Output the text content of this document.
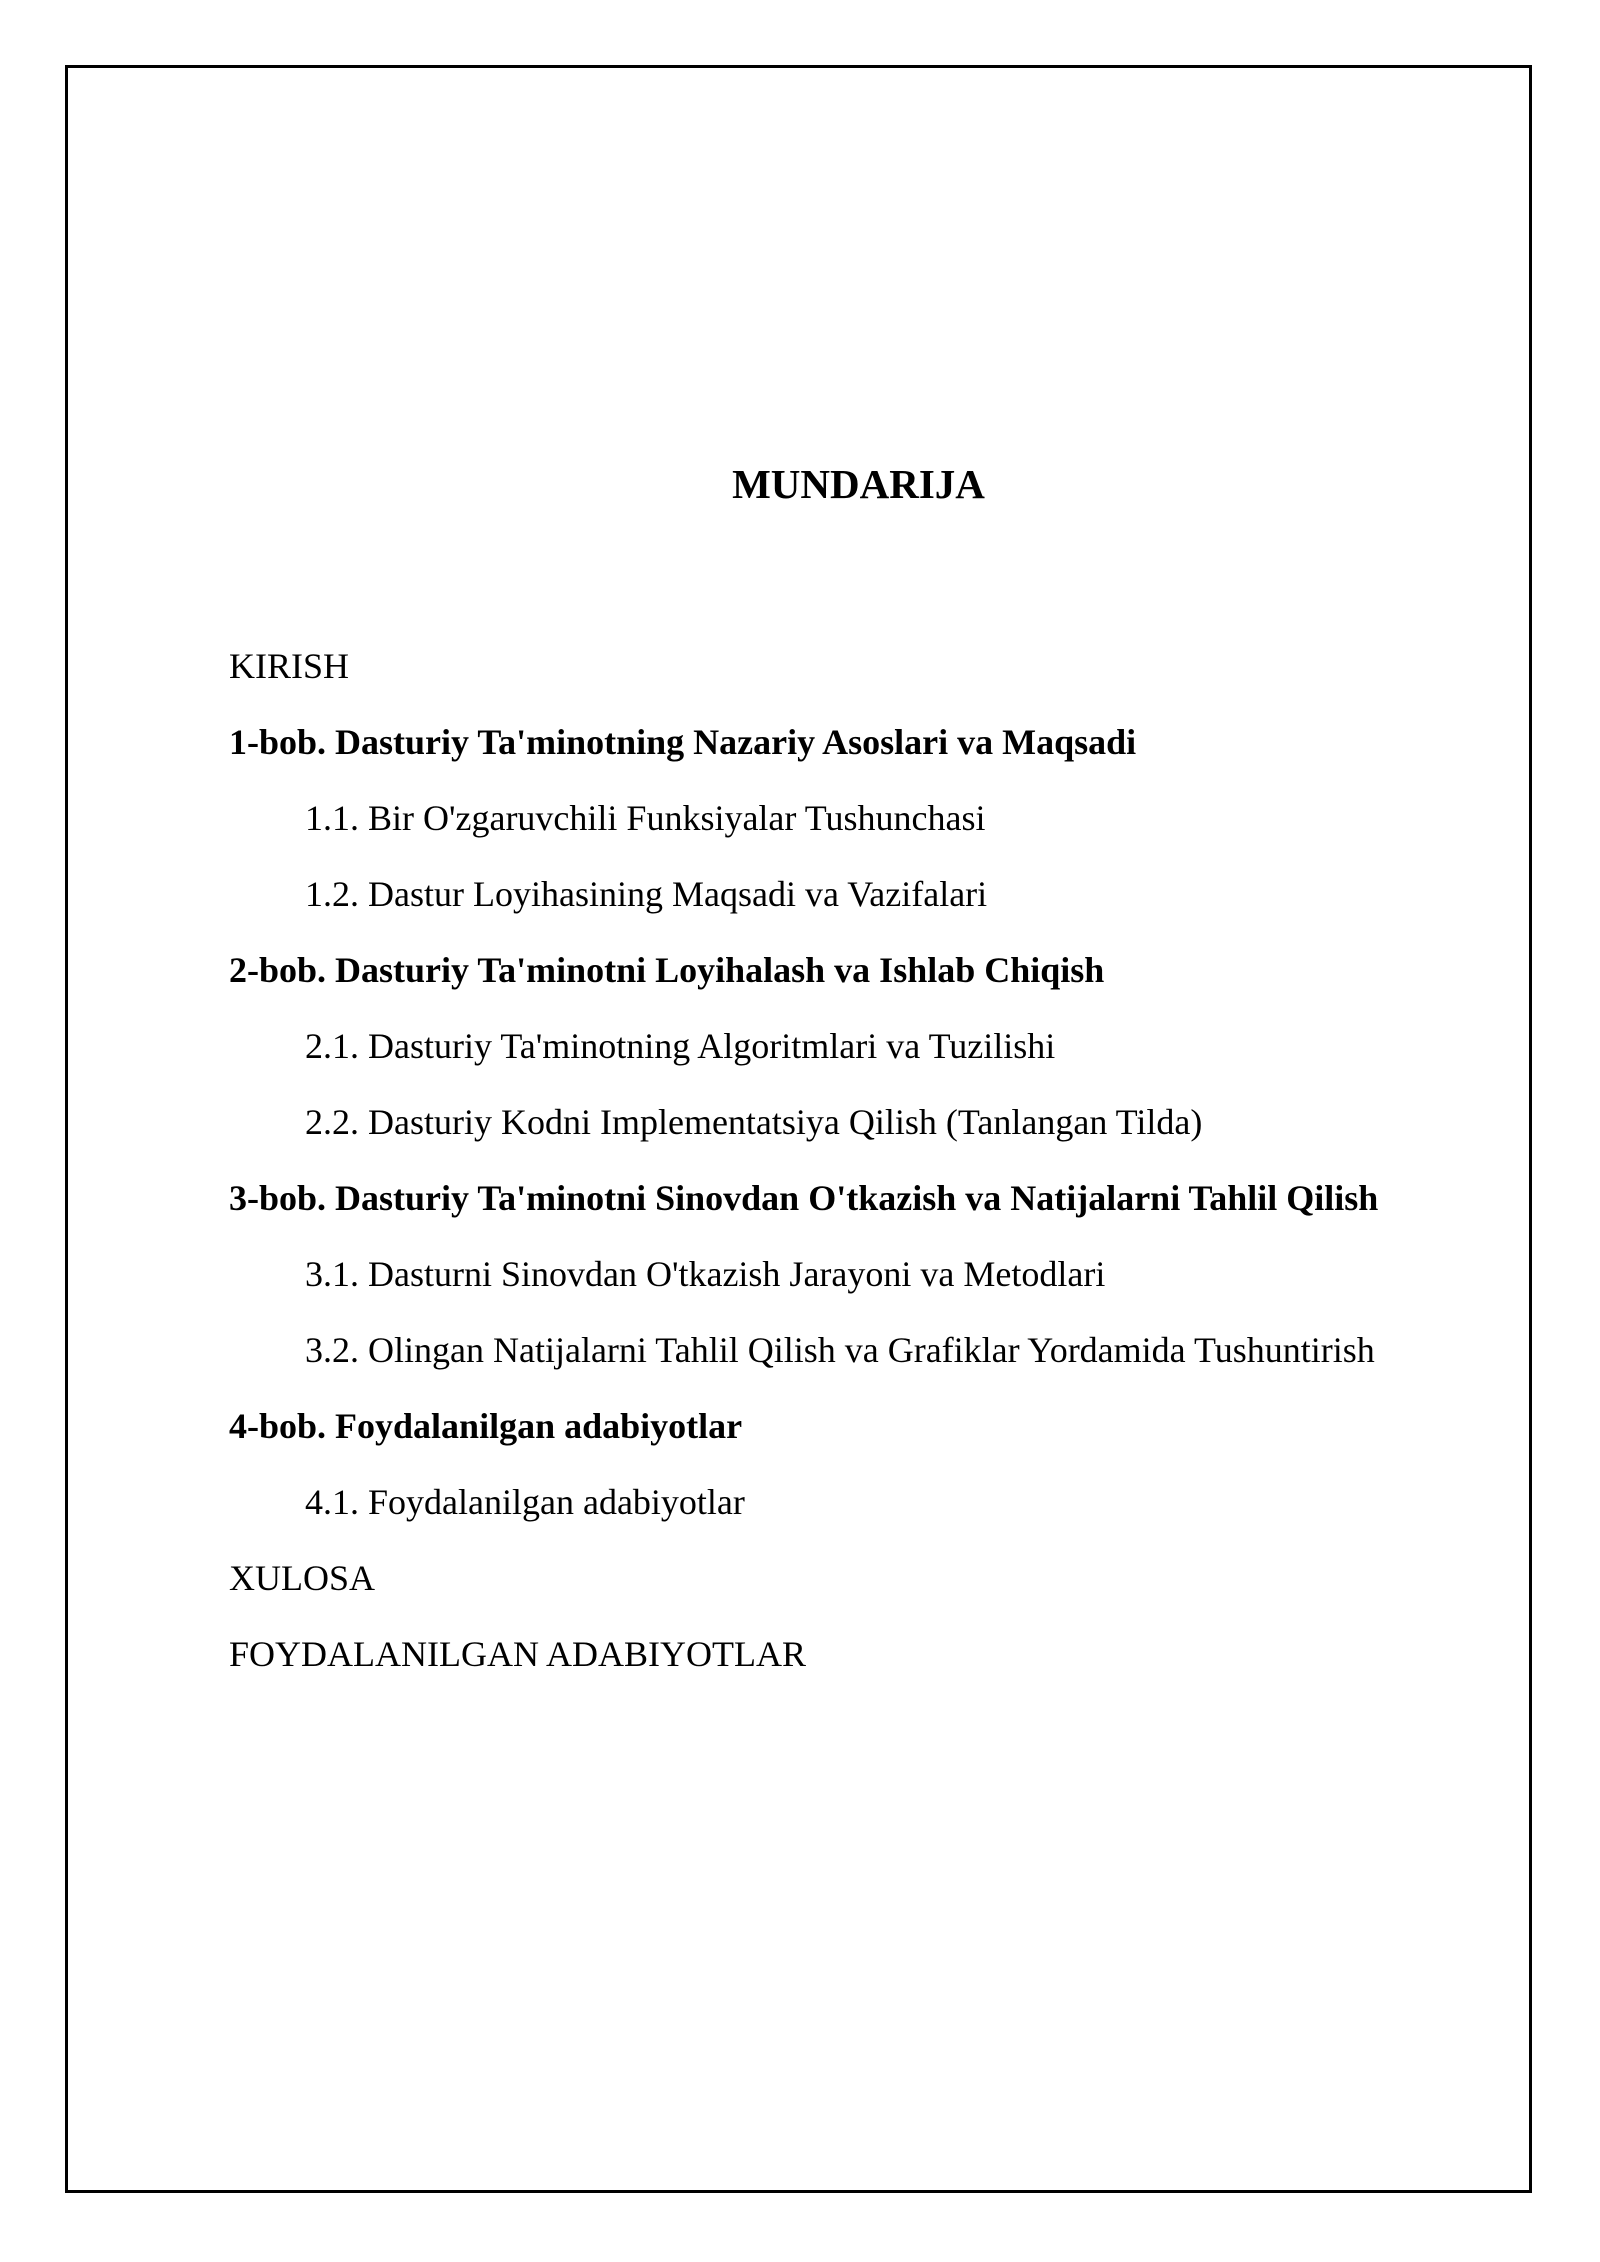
MUNDARIJA
KIRISH
1-bob. Dasturiy Ta'minotning Nazariy Asoslari va Maqsadi
1.1. Bir O'zgaruvchili Funksiyalar Tushunchasi
1.2. Dastur Loyihasining Maqsadi va Vazifalari
2-bob. Dasturiy Ta'minotni Loyihalash va Ishlab Chiqish
2.1. Dasturiy Ta'minotning Algoritmlari va Tuzilishi
2.2. Dasturiy Kodni Implementatsiya Qilish (Tanlangan Tilda)
3-bob. Dasturiy Ta'minotni Sinovdan O'tkazish va Natijalarni Tahlil Qilish
3.1. Dasturni Sinovdan O'tkazish Jarayoni va Metodlari
3.2. Olingan Natijalarni Tahlil Qilish va Grafiklar Yordamida Tushuntirish
4-bob. Foydalanilgan adabiyotlar
4.1. Foydalanilgan adabiyotlar
XULOSA
FOYDALANILGAN ADABIYOTLAR
